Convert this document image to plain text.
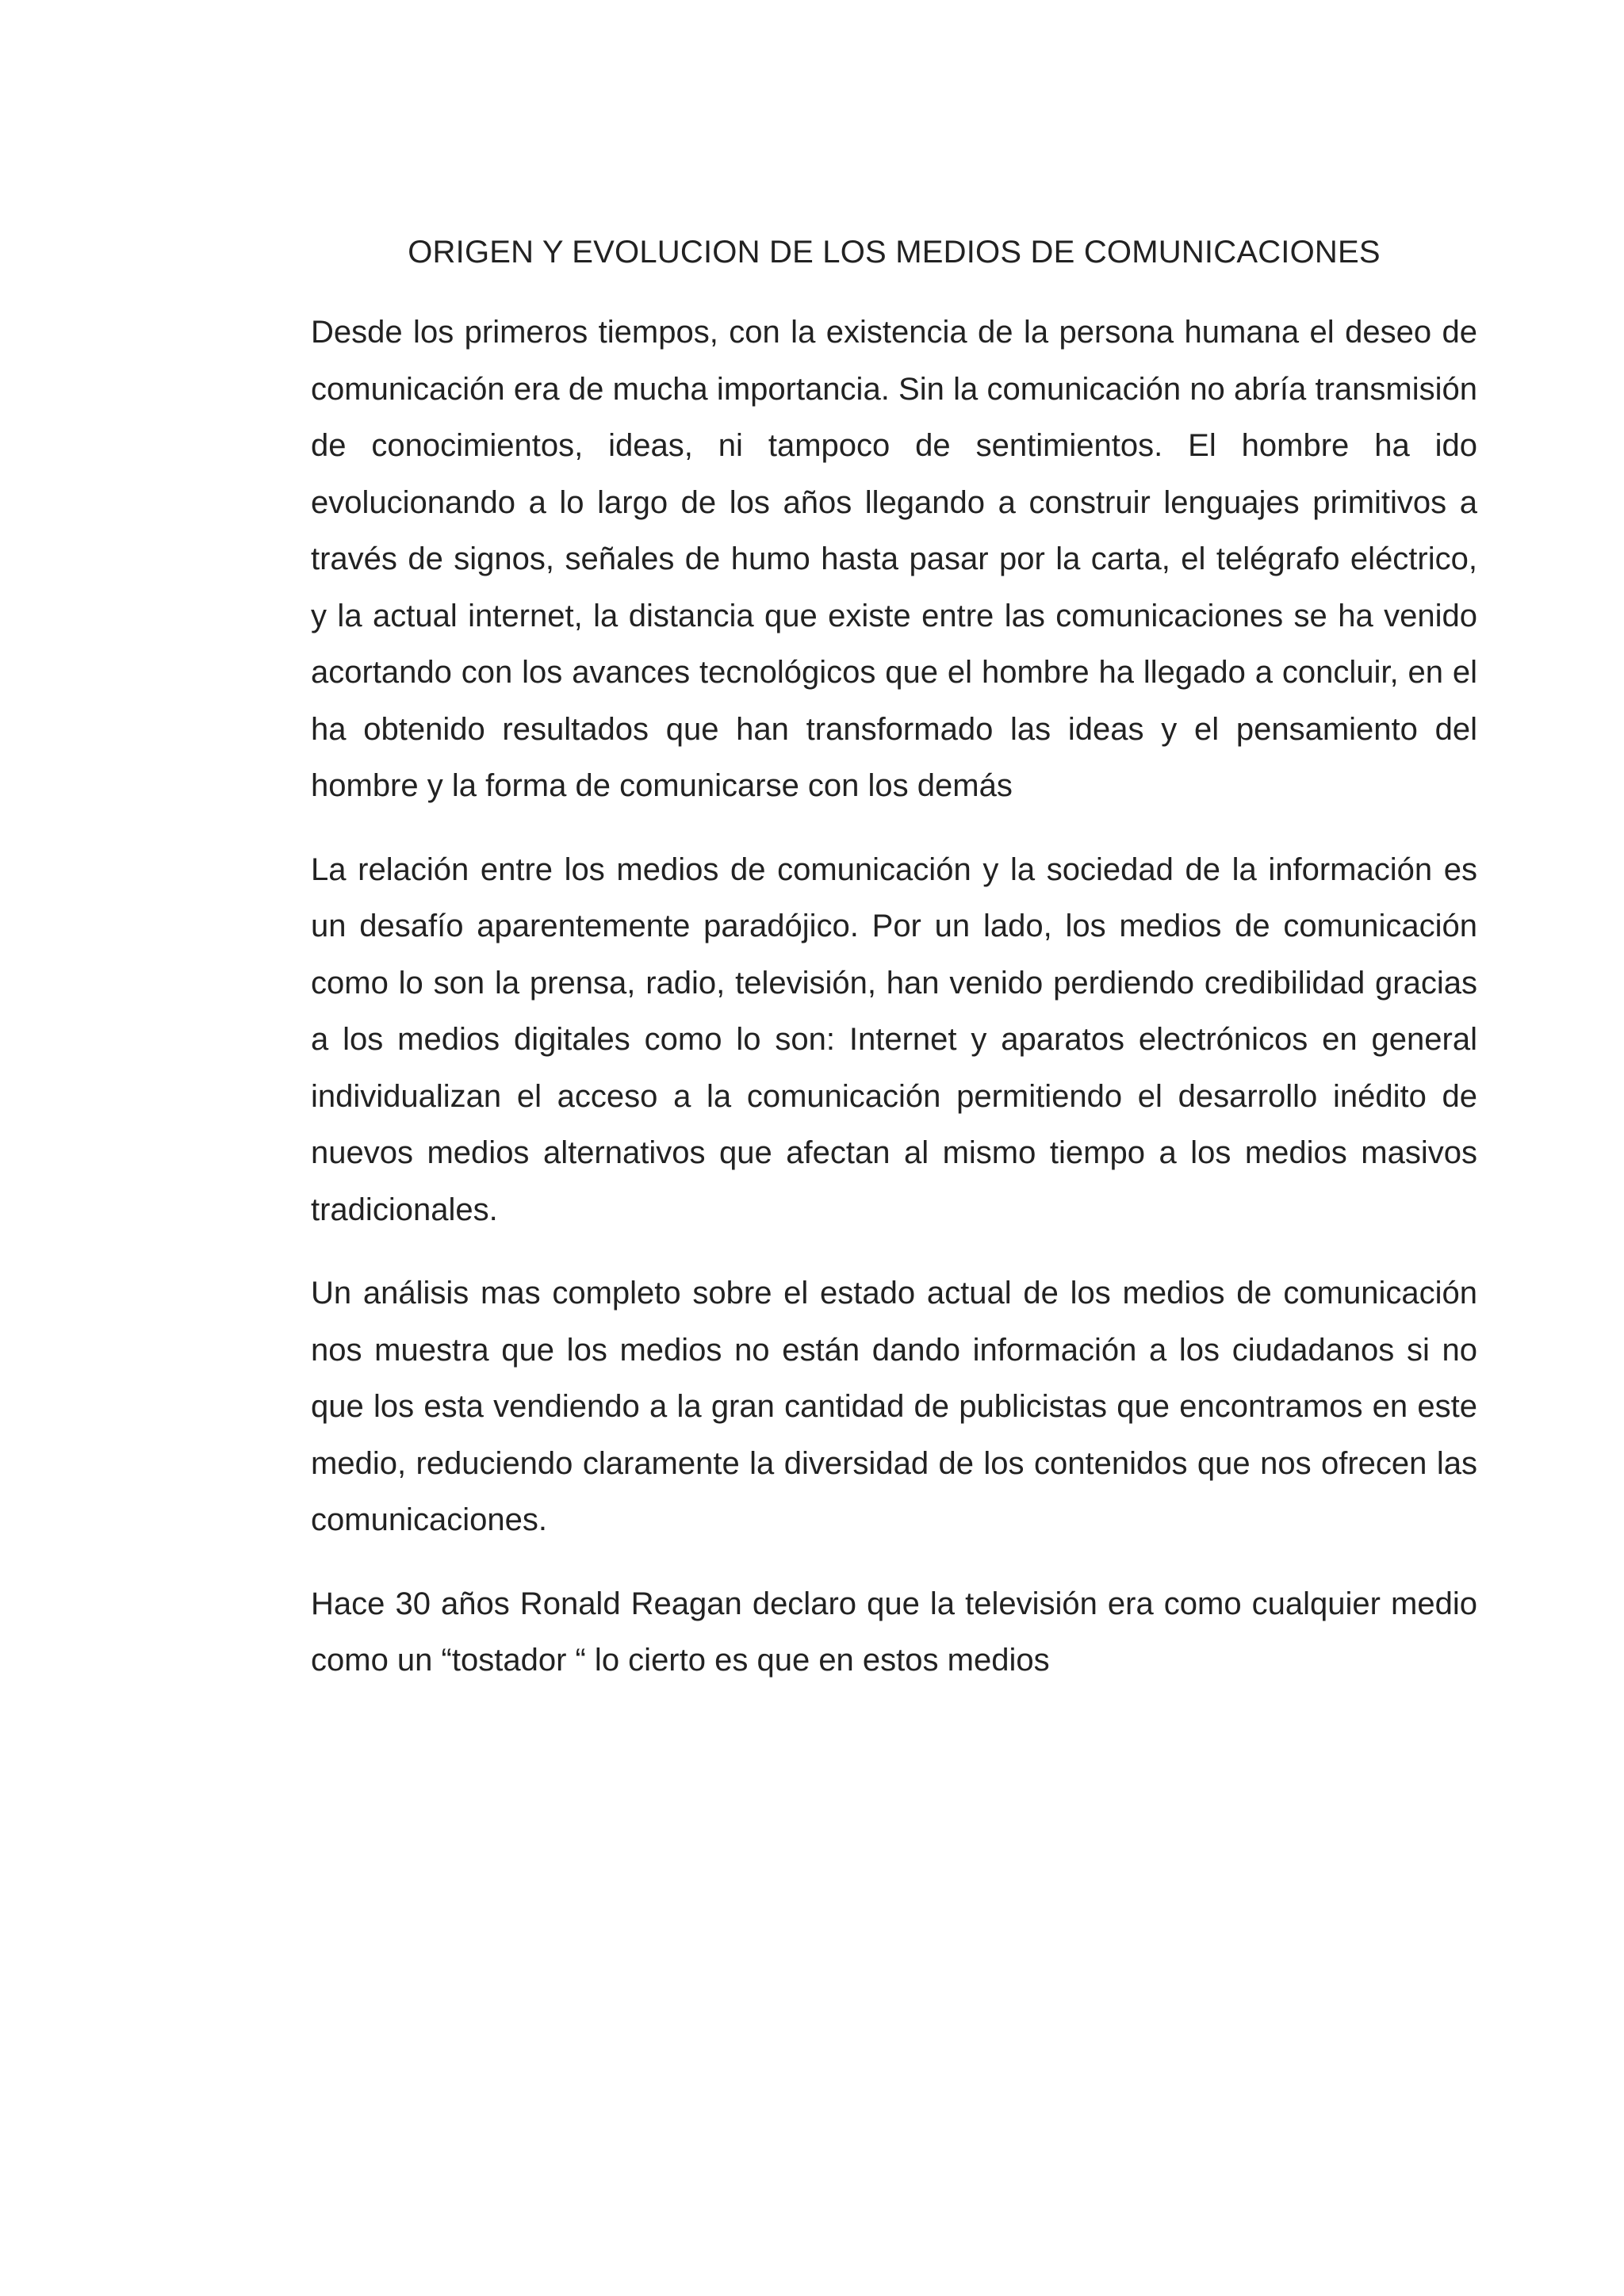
ORIGEN Y EVOLUCION DE LOS MEDIOS DE COMUNICACIONES

Desde los primeros tiempos, con la existencia de la persona humana el deseo de comunicación era de mucha importancia. Sin la comunicación no abría transmisión de conocimientos, ideas, ni tampoco de sentimientos. El hombre ha ido evolucionando a lo largo de los años llegando a construir lenguajes primitivos a través de signos, señales de humo hasta pasar por la carta, el telégrafo eléctrico, y la actual internet, la distancia que existe entre las comunicaciones se ha venido acortando con los avances tecnológicos que el hombre ha llegado a concluir, en el ha obtenido resultados que han transformado las ideas y el pensamiento del hombre y la forma de comunicarse con los demás

La relación entre los medios de comunicación y la sociedad de la información es un desafío aparentemente paradójico. Por un lado, los medios de comunicación como lo son la prensa, radio, televisión, han venido perdiendo credibilidad gracias a los medios digitales como lo son: Internet y aparatos electrónicos en general individualizan el acceso a la comunicación permitiendo el desarrollo inédito de nuevos medios alternativos que afectan al mismo tiempo a los medios masivos tradicionales.

Un análisis mas completo sobre el estado actual de los medios de comunicación nos muestra que los medios no están dando información a los ciudadanos si no que los esta vendiendo a la gran cantidad de publicistas que encontramos en este medio, reduciendo claramente la diversidad de los contenidos que nos ofrecen las comunicaciones.

Hace 30 años Ronald Reagan declaro que la televisión era como cualquier medio como un “tostador “ lo cierto es que en estos medios
